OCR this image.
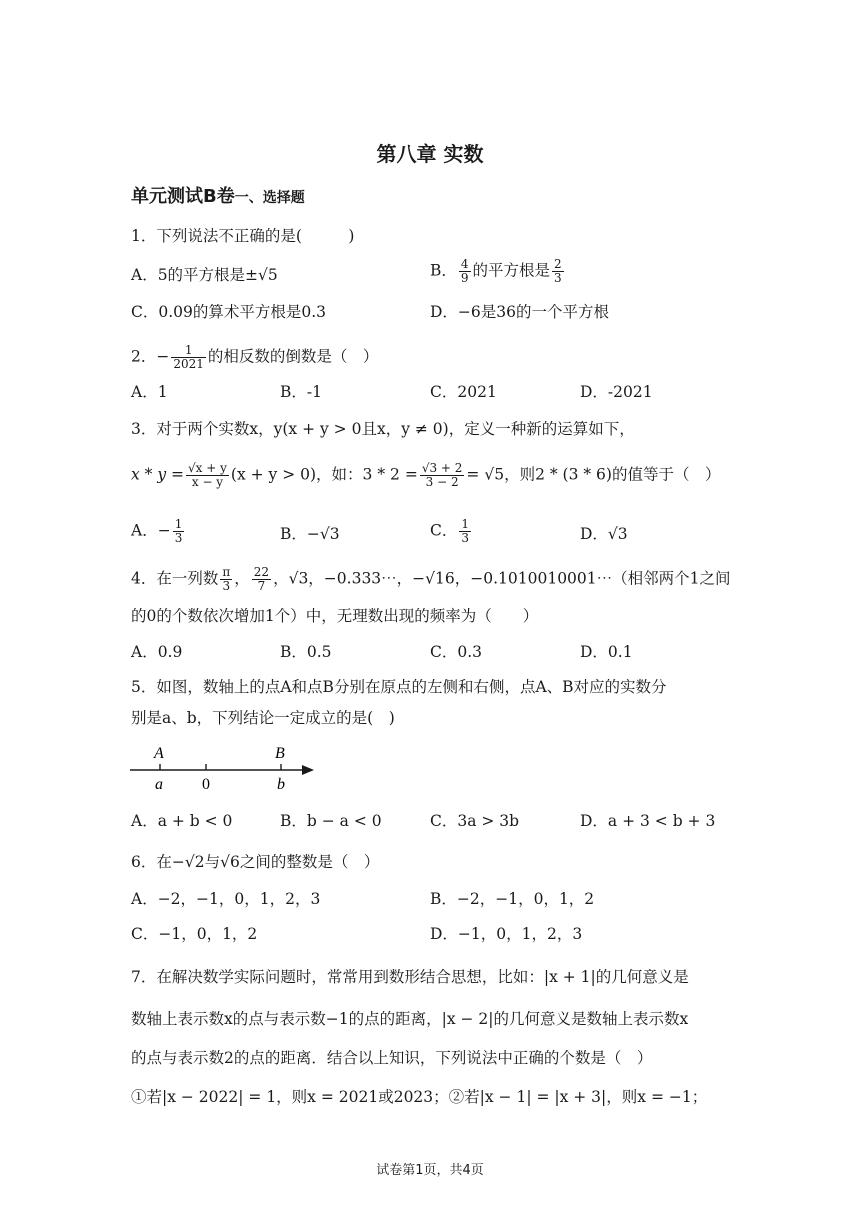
第八章 实数
单元测试B卷一、选择题
1．下列说法不正确的是(　　　)
A．5的平方根是±√5	B． $\frac{4}{9}$ 的平方根是 $\frac{2}{3}$
C．0.09的算术平方根是0.3	D．−6是36的一个平方根
2．− $\frac{1}{2021}$ 的相反数的倒数是（　）
A．1	B．-1	C．2021	D．-2021
3．对于两个实数x，y(x + y > 0且x，y ≠ 0)，定义一种新的运算如下，
$x * y = \frac{√x + y}{x - y} (x + y > 0)$，如：$3 * 2 = \frac{√3 + 2}{3 - 2} = √5$，则2 * (3 * 6)的值等于（　）
A．− $\frac{1}{3}$	B．−√3	C． $\frac{1}{3}$	D．√3
4．在一列数 $\frac{\pi}{3}$ ， $\frac{22}{7}$ ，√3，−0.333⋯，−√16，−0.1010010001⋯（相邻两个1之间
的0的个数依次增加1个）中，无理数出现的频率为（　　）
A．0.9	B．0.5	C．0.3	D．0.1
5．如图，数轴上的点A和点B分别在原点的左侧和右侧，点A、B对应的实数分
别是a、b，下列结论一定成立的是(　)
A	B
a 0	b
A．a + b < 0	B．b − a < 0	C．3a > 3b	D．a + 3 < b + 3
6．在−√2与√6之间的整数是（　）
A．−2，−1，0，1，2，3	B．−2，−1，0，1，2
C．−1，0，1，2	D．−1，0，1，2，3
7．在解决数学实际问题时，常常用到数形结合思想，比如：|x + 1|的几何意义是
数轴上表示数x的点与表示数−1的点的距离，|x − 2|的几何意义是数轴上表示数x
的点与表示数2的点的距离．结合以上知识，下列说法中正确的个数是（　）
①若|x − 2022| = 1，则x = 2021或2023；②若|x − 1| = |x + 3|，则x = −1；
试卷第1页，共4页
